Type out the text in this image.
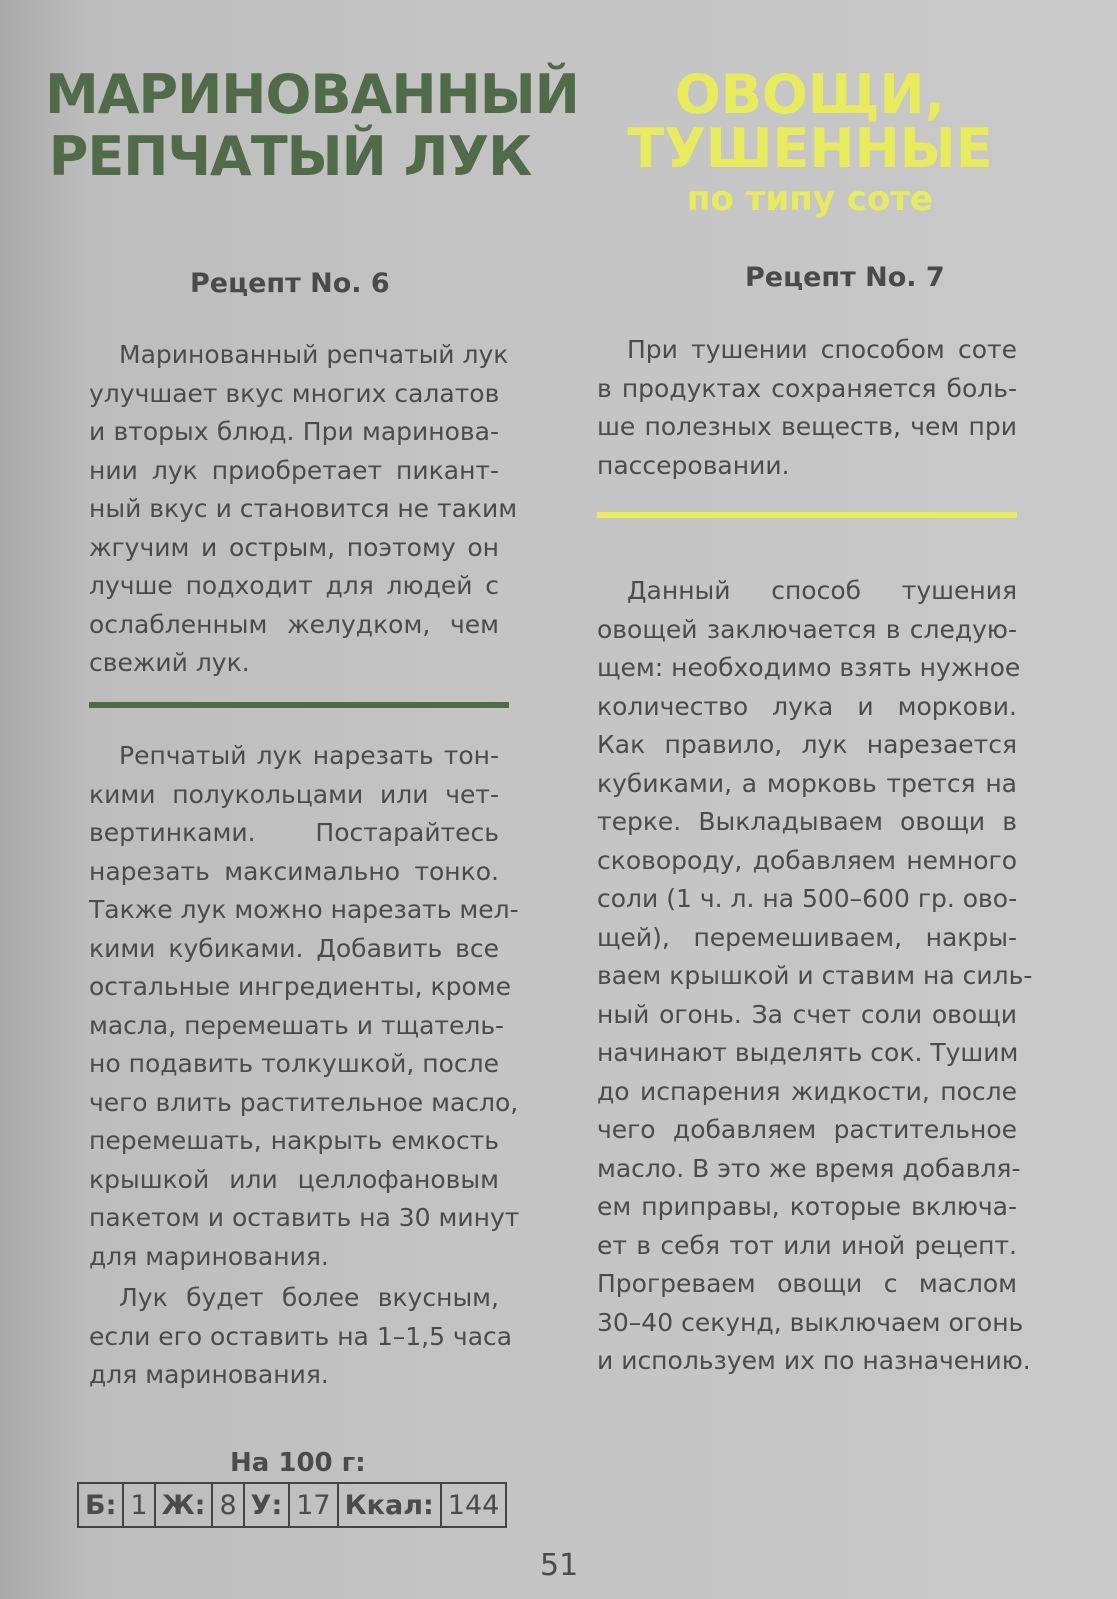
МАРИНОВАННЫЙ
РЕПЧАТЫЙ ЛУК
ОВОЩИ,
ТУШЕННЫЕ
по типу соте
Рецепт No. 6	Рецепт No. 7
Маринованный репчатый лук
улучшает вкус многих салатов
и вторых блюд. При маринова-
нии лук приобретает пикант-
ный вкус и становится не таким
жгучим и острым, поэтому он
лучше подходит для людей с
ослабленным желудком, чем
свежий лук.
Репчатый лук нарезать тон-
кими полукольцами или чет-
вертинками. Постарайтесь
нарезать максимально тонко.
Также лук можно нарезать мел-
кими кубиками. Добавить все
остальные ингредиенты, кроме
масла, перемешать и тщатель-
но подавить толкушкой, после
чего влить растительное масло,
перемешать, накрыть емкость
крышкой или целлофановым
пакетом и оставить на 30 минут
для маринования.
Лук будет более вкусным,
если его оставить на 1–1,5 часа
для маринования.
При тушении способом соте
в продуктах сохраняется боль-
ше полезных веществ, чем при
пассеровании.
Данный способ тушения
овощей заключается в следую-
щем: необходимо взять нужное
количество лука и моркови.
Как правило, лук нарезается
кубиками, а морковь трется на
терке. Выкладываем овощи в
сковороду, добавляем немного
соли (1 ч. л. на 500–600 гр. ово-
щей), перемешиваем, накры-
ваем крышкой и ставим на силь-
ный огонь. За счет соли овощи
начинают выделять сок. Тушим
до испарения жидкости, после
чего добавляем растительное
масло. В это же время добавля-
ем приправы, которые включа-
ет в себя тот или иной рецепт.
Прогреваем овощи с маслом
30–40 секунд, выключаем огонь
и используем их по назначению.
На 100 г:
Б:	1	Ж:	8	У:	17	Ккал:	144
51
